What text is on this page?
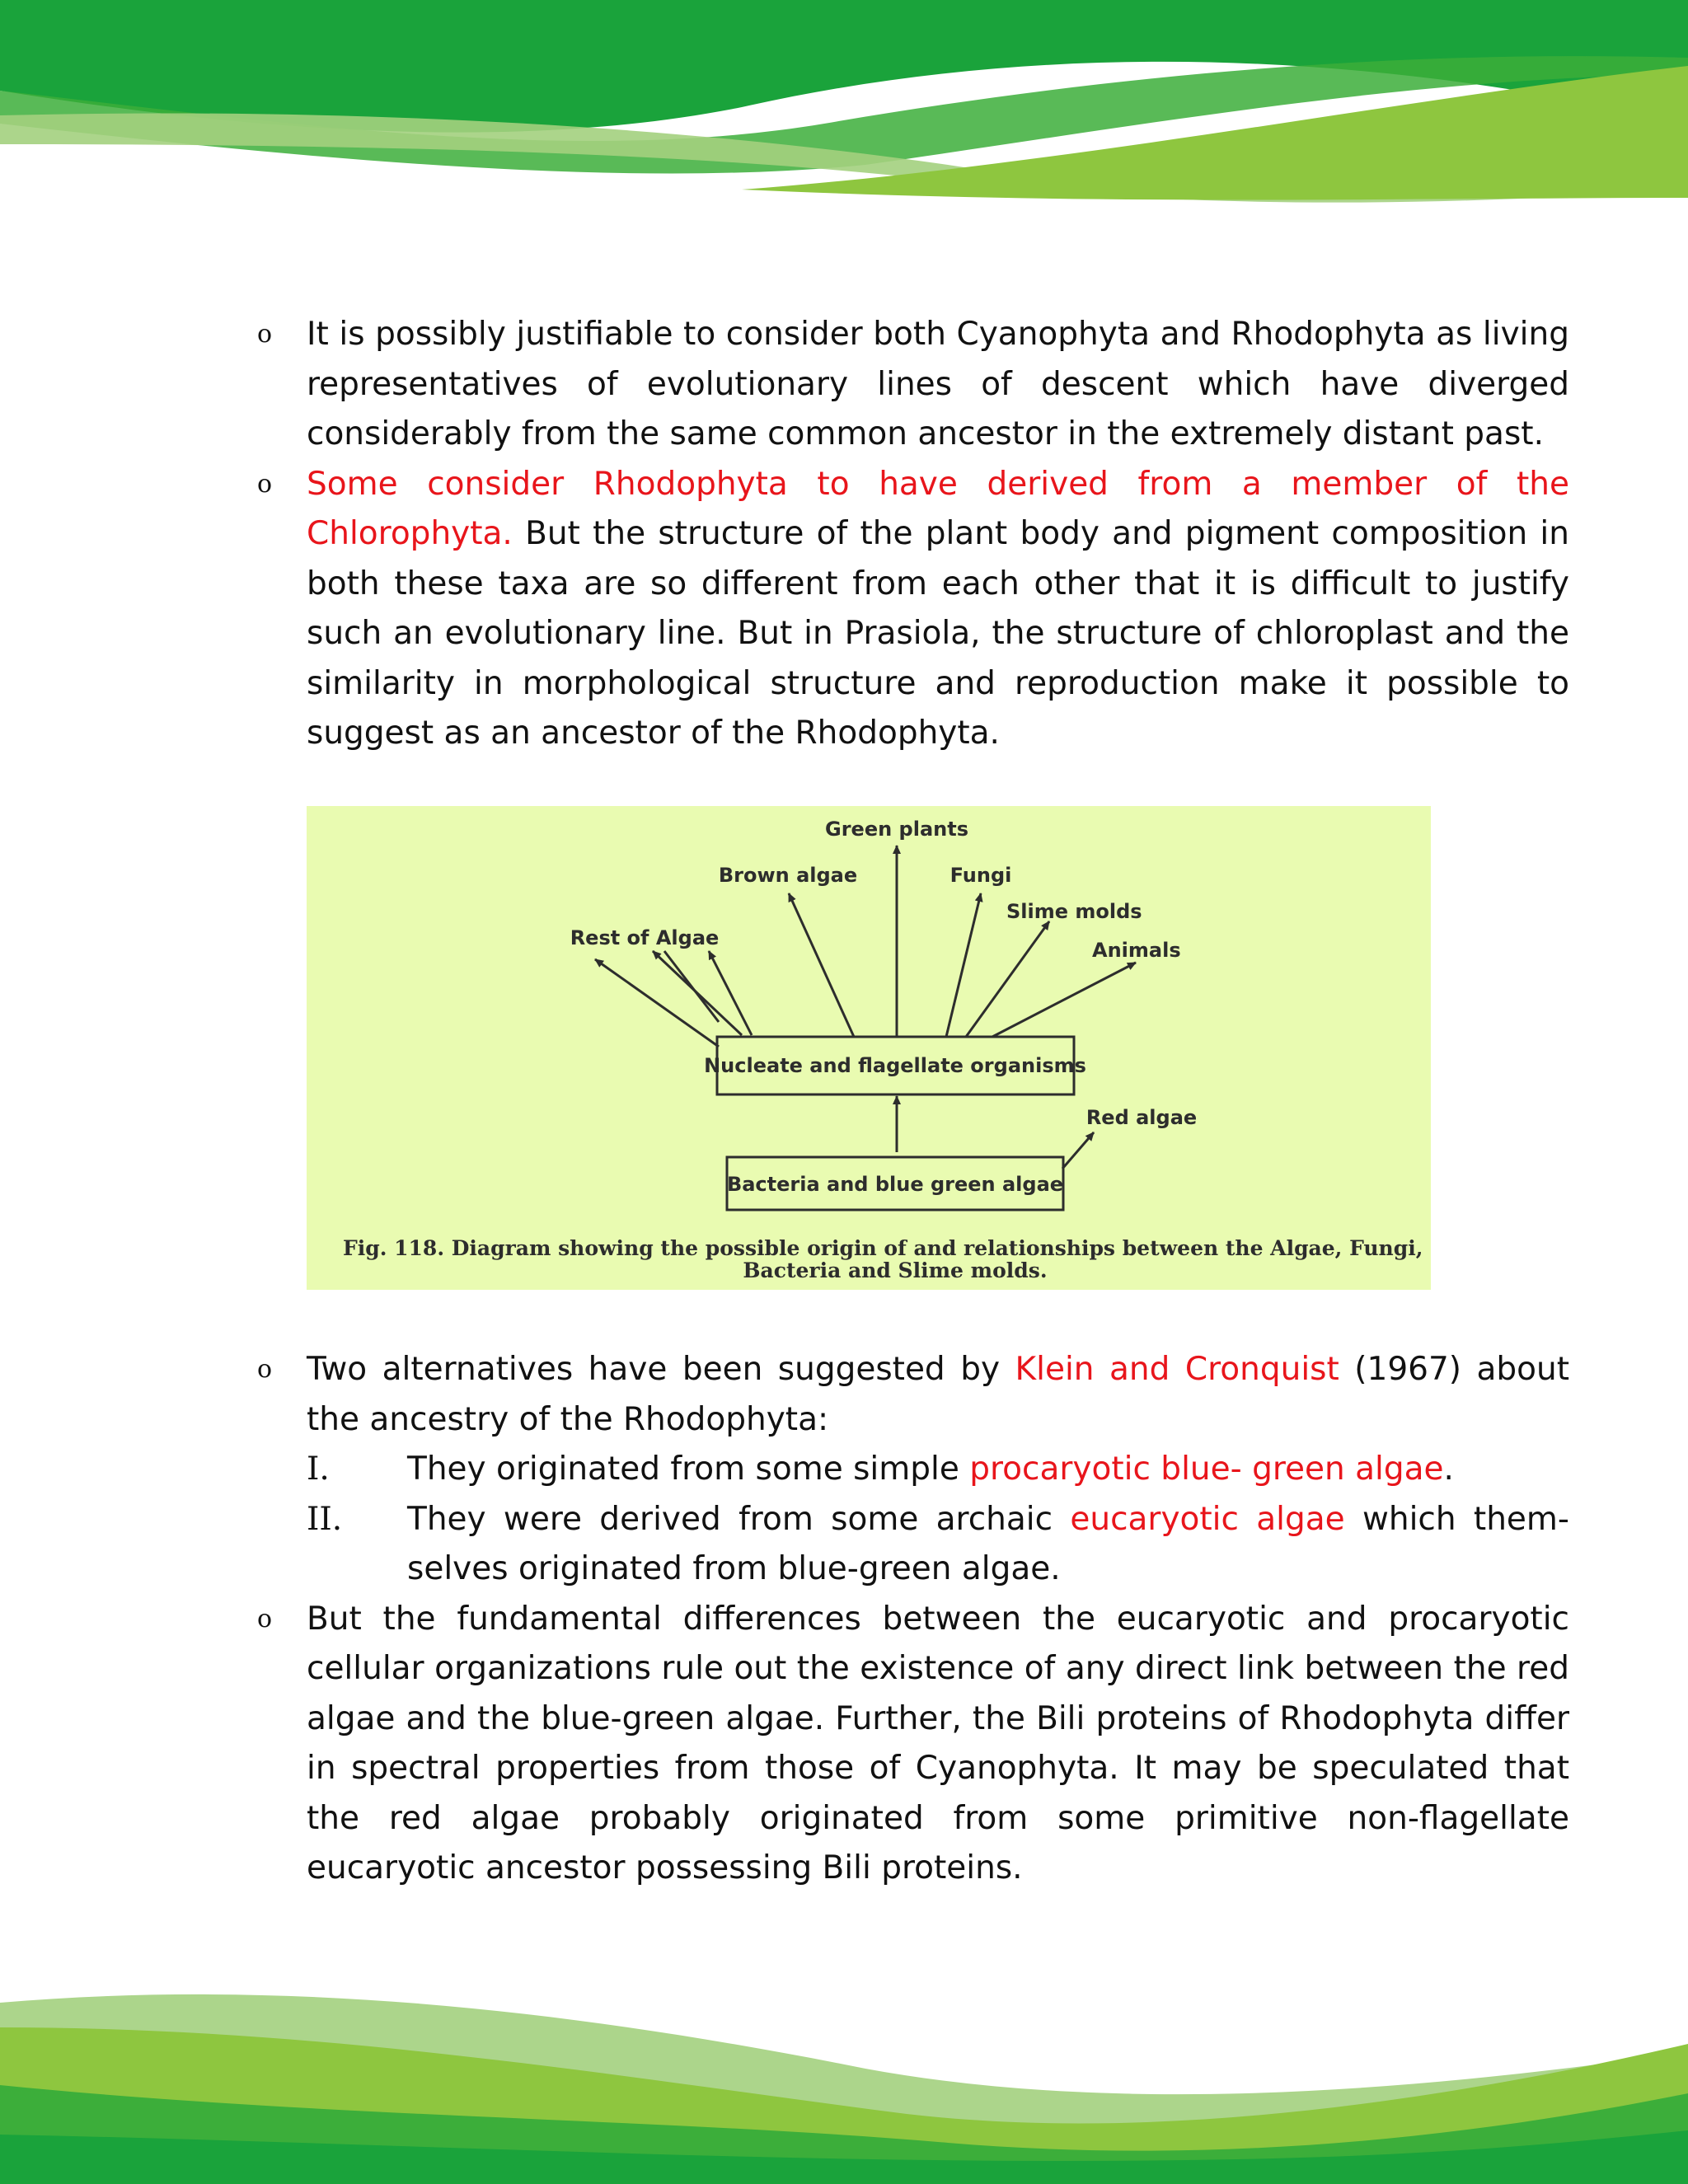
o	It is possibly justifiable to consider both Cyanophyta and Rhodophyta as living representatives of evolutionary lines of descent which have diverged considerably from the same common ancestor in the extremely distant past.
o	Some consider Rhodophyta to have derived from a member of the Chlorophyta. But the structure of the plant body and pigment composition in both these taxa are so different from each other that it is difficult to justify such an evolutionary line. But in Prasiola, the structure of chloroplast and the similarity in morphological structure and reproduction make it possible to suggest as an ancestor of the Rhodophyta.
Green plants
Brown algae	Fungi
Slime molds
Animals
Rest of Algae
Nucleate and flagellate organisms
Red algae
Bacteria and blue green algae
Fig. 118. Diagram showing the possible origin of and relationships between the Algae, Fungi,
Bacteria and Slime molds.
o	Two alternatives have been suggested by Klein and Cronquist (1967) about the ancestry of the Rhodophyta:
I.	They originated from some simple procaryotic blue- green algae.
II.	They were derived from some archaic eucaryotic algae which them-selves originated from blue-green algae.
o	But the fundamental differences between the eucaryotic and procaryotic cellular organizations rule out the existence of any direct link between the red algae and the blue-green algae. Further, the Bili proteins of Rhodophyta differ in spectral properties from those of Cyanophyta. It may be speculated that the red algae probably originated from some primitive non-flagellate eucaryotic ancestor possessing Bili proteins.
